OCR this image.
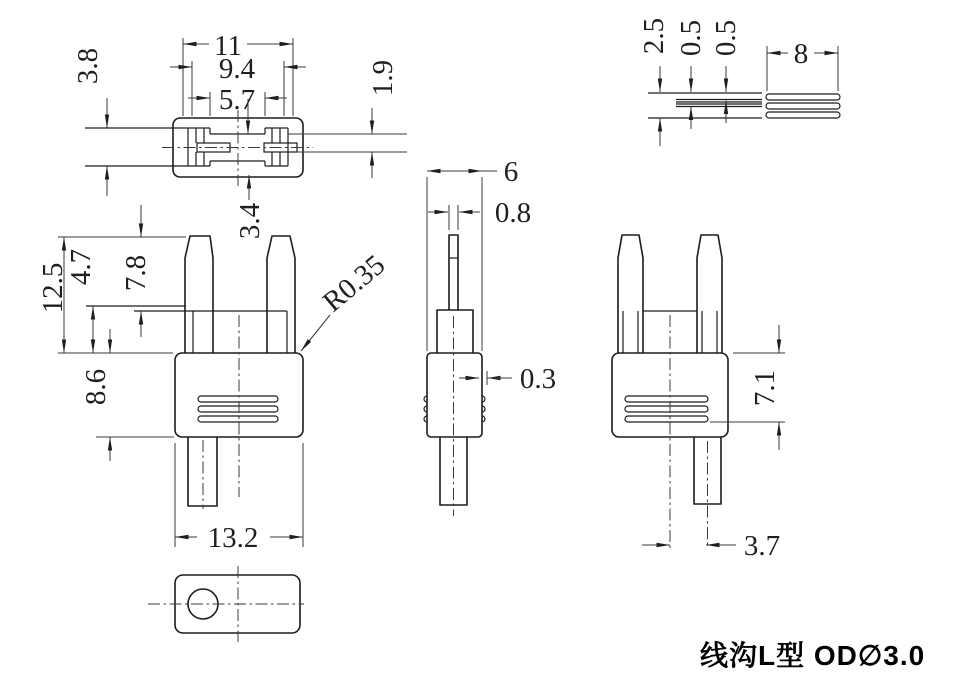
11
9.4
5.7
3.8	1.9
3.4
2.5 0.5 0.5 8
12.5
4.7 7.8
8.6
13.2
R0.35
6
0.8
0.3	7.1
3.7
线沟L型 OD∅3.0
